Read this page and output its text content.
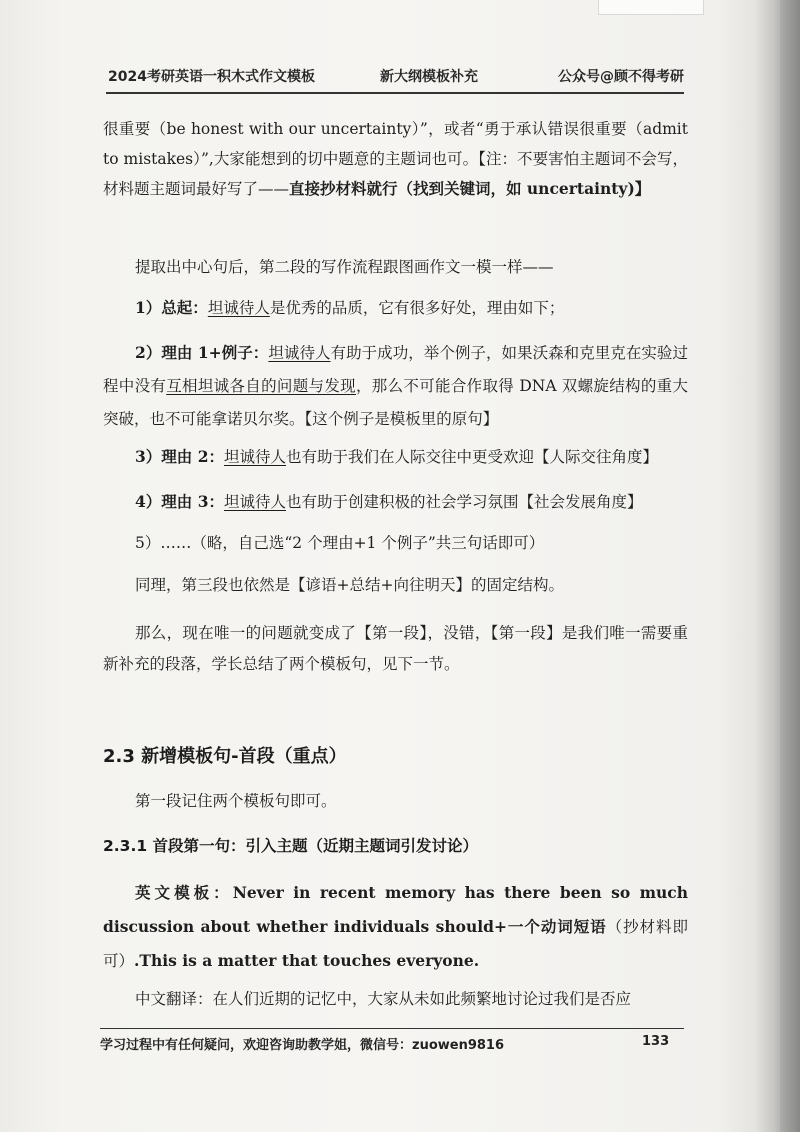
2024考研英语一积木式作文模板	新大纲模板补充	公众号@顾不得考研
很重要（be honest with our uncertainty）”，或者“勇于承认错误很重要（admit to mistakes）”,大家能想到的切中题意的主题词也可。【注：不要害怕主题词不会写，材料题主题词最好写了——直接抄材料就行（找到关键词，如 uncertainty)】
提取出中心句后，第二段的写作流程跟图画作文一模一样——
1）总起：坦诚待人是优秀的品质，它有很多好处，理由如下；
2）理由 1+例子：坦诚待人有助于成功，举个例子，如果沃森和克里克在实验过程中没有互相坦诚各自的问题与发现，那么不可能合作取得 DNA 双螺旋结构的重大突破，也不可能拿诺贝尔奖。【这个例子是模板里的原句】
3）理由 2：坦诚待人也有助于我们在人际交往中更受欢迎【人际交往角度】
4）理由 3：坦诚待人也有助于创建积极的社会学习氛围【社会发展角度】
5）……（略，自己选“2 个理由+1 个例子”共三句话即可）
同理，第三段也依然是【谚语+总结+向往明天】的固定结构。
那么，现在唯一的问题就变成了【第一段】，没错，【第一段】是我们唯一需要重新补充的段落，学长总结了两个模板句，见下一节。
2.3 新增模板句-首段（重点）
第一段记住两个模板句即可。
2.3.1 首段第一句：引入主题（近期主题词引发讨论）
英文模板：Never in recent memory has there been so much discussion about whether individuals should+一个动词短语（抄材料即可）.This is a matter that touches everyone.
中文翻译：在人们近期的记忆中，大家从未如此频繁地讨论过我们是否应
学习过程中有任何疑问，欢迎咨询助教学姐，微信号：zuowen9816	133
